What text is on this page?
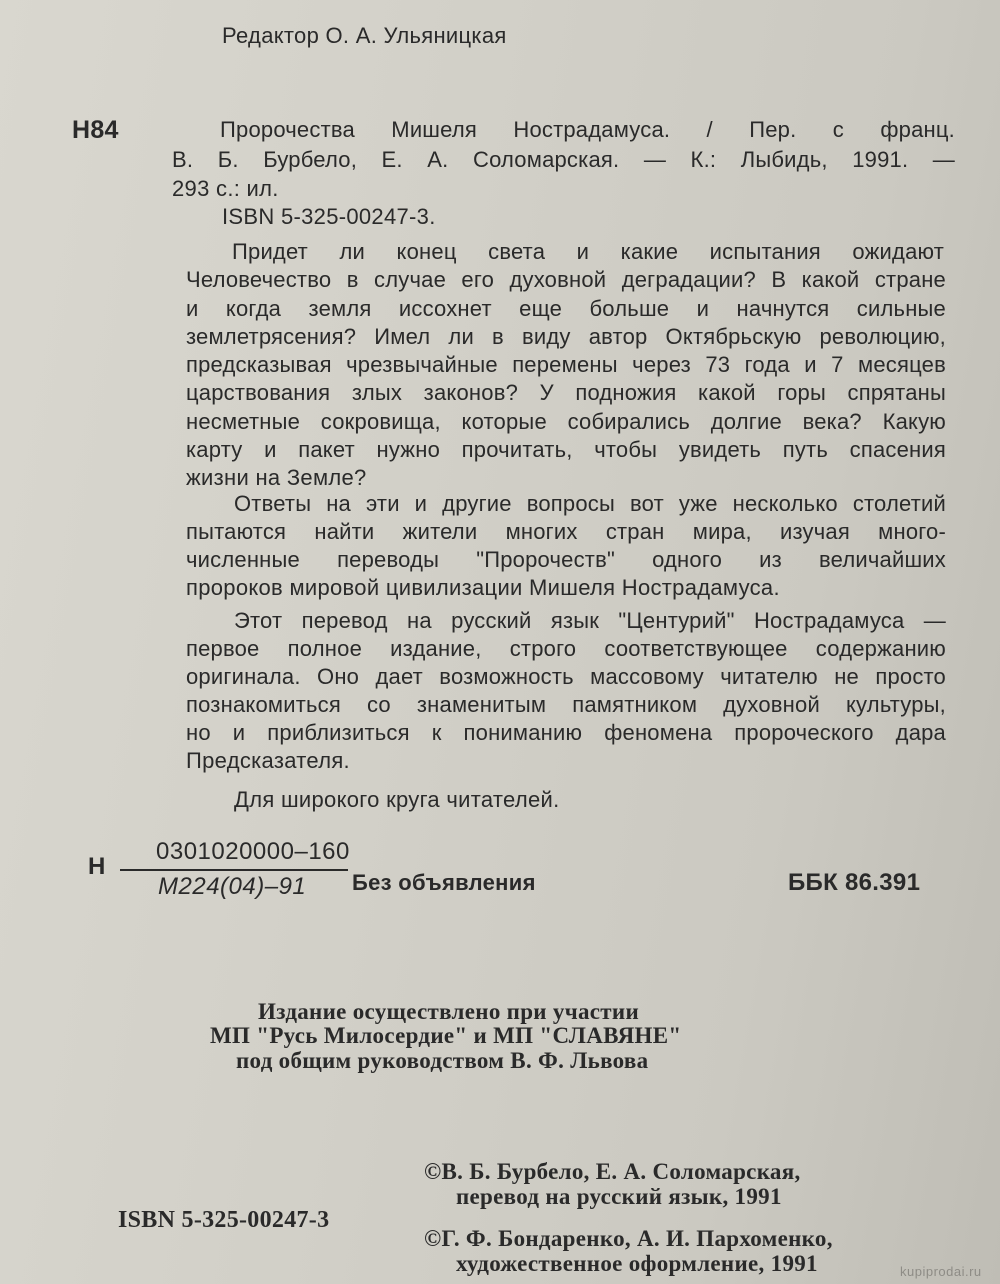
Редактор О. А. Ульяницкая
Н84	Пророчества Мишеля Нострадамуса. / Пер. с франц.
В. Б. Бурбело, Е. А. Соломарская. — К.: Лыбидь, 1991. —
293 с.: ил.
ISBN 5-325-00247-3.
Придет ли конец света и какие испытания ожидают
Человечество в случае его духовной деградации? В какой стране
и когда земля иссохнет еще больше и начнутся сильные
землетрясения? Имел ли в виду автор Октябрьскую революцию,
предсказывая чрезвычайные перемены через 73 года и 7 месяцев
царствования злых законов? У подножия какой горы спрятаны
несметные сокровища, которые собирались долгие века? Какую
карту и пакет нужно прочитать, чтобы увидеть путь спасения
жизни на Земле?
Ответы на эти и другие вопросы вот уже несколько столетий
пытаются найти жители многих стран мира, изучая много-
численные переводы "Пророчеств" одного из величайших
пророков мировой цивилизации Мишеля Нострадамуса.
Этот перевод на русский язык "Центурий" Нострадамуса —
первое полное издание, строго соответствующее содержанию
оригинала. Оно дает возможность массовому читателю не просто
познакомиться со знаменитым памятником духовной культуры,
но и приблизиться к пониманию феномена пророческого дара
Предсказателя.
Для широкого круга читателей.
Н
0301020000–160
М224(04)–91 Без объявления	ББК 86.391
Издание осуществлено при участии
МП "Русь Милосердие" и МП "СЛАВЯНЕ"
под общим руководством В. Ф. Львова
ISBN 5-325-00247-3
©В. Б. Бурбело, Е. А. Соломарская,
перевод на русский язык, 1991
©Г. Ф. Бондаренко, А. И. Пархоменко,
художественное оформление, 1991	kupiprodai.ru
